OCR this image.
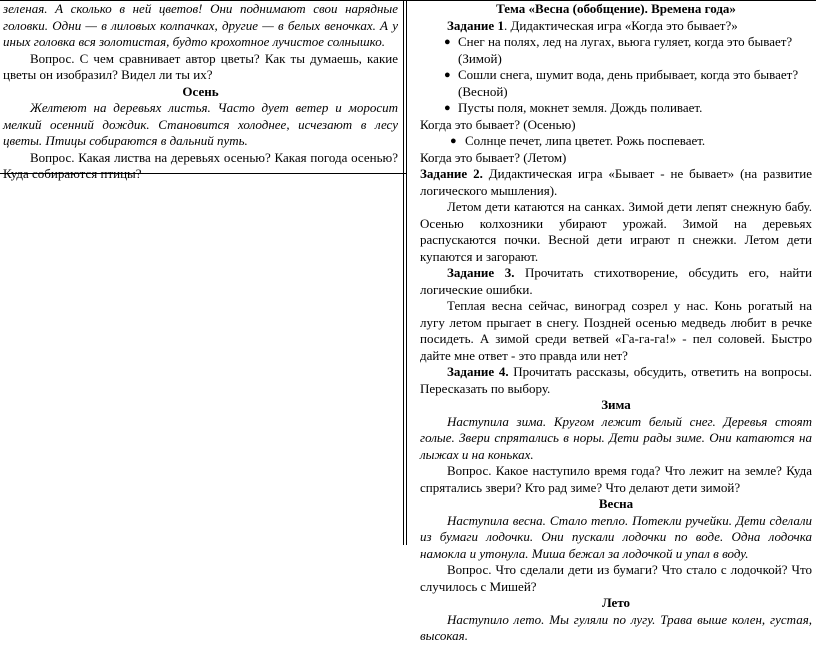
зеленая. А сколько в ней цветов! Они поднимают свои нарядные головки. Одни — в лиловых колпачках, другие — в белых веночках. А у иных головка вся золотистая, будто крохотное лучистое солнышко.

Вопрос. С чем сравнивает автор цветы? Как ты думаешь, какие цветы он изобразил? Видел ли ты их?

Осень

Желтеют на деревьях листья. Часто дует ветер и моросит мелкий осенний дождик. Становится холоднее, исчезают в лесу цветы. Птицы собираются в дальний путь.

Вопрос. Какая листва на деревьях осенью? Какая погода осенью? Куда собираются птицы?

Тема «Весна (обобщение). Времена года»

Задание 1. Дидактическая игра «Когда это бывает?»

● Снег на полях, лед на лугах, вьюга гуляет, когда это бывает? (Зимой)
● Сошли снега, шумит вода, день прибывает, когда это бывает? (Весной)
● Пусты поля, мокнет земля. Дождь поливает.

Когда это бывает? (Осенью)

● Солнце печет, липа цветет. Рожь поспевает.

Когда это бывает? (Летом)

Задание 2. Дидактическая игра «Бывает - не бывает» (на развитие логического мышления).

Летом дети катаются на санках. Зимой дети лепят снежную бабу. Осенью колхозники убирают урожай. Зимой на деревьях распускаются почки. Весной дети играют п снежки. Летом дети купаются и загорают.

Задание 3. Прочитать стихотворение, обсудить его, найти логические ошибки.

Теплая весна сейчас, виноград созрел у нас. Конь рогатый на лугу летом прыгает в снегу. Поздней осенью медведь любит в речке посидеть. А зимой среди ветвей «Га-га-га!» - пел соловей. Быстро дайте мне ответ - это правда или нет?

Задание 4. Прочитать рассказы, обсудить, ответить на вопросы. Пересказать по выбору.

Зима

Наступила зима. Кругом лежит белый снег. Деревья стоят голые. Звери спрятались в норы. Дети рады зиме. Они катаются на лыжах и на коньках.

Вопрос. Какое наступило время года? Что лежит на земле? Куда спрятались звери? Кто рад зиме? Что делают дети зимой?

Весна

Наступила весна. Стало тепло. Потекли ручейки. Дети сделали из бумаги лодочки. Они пускали лодочки по воде. Одна лодочка намокла и утонула. Миша бежал за лодочкой и упал в воду.

Вопрос. Что сделали дети из бумаги? Что стало с лодочкой? Что случилось с Мишей?

Лето

Наступило лето. Мы гуляли по лугу. Трава выше колен, густая, высокая.
